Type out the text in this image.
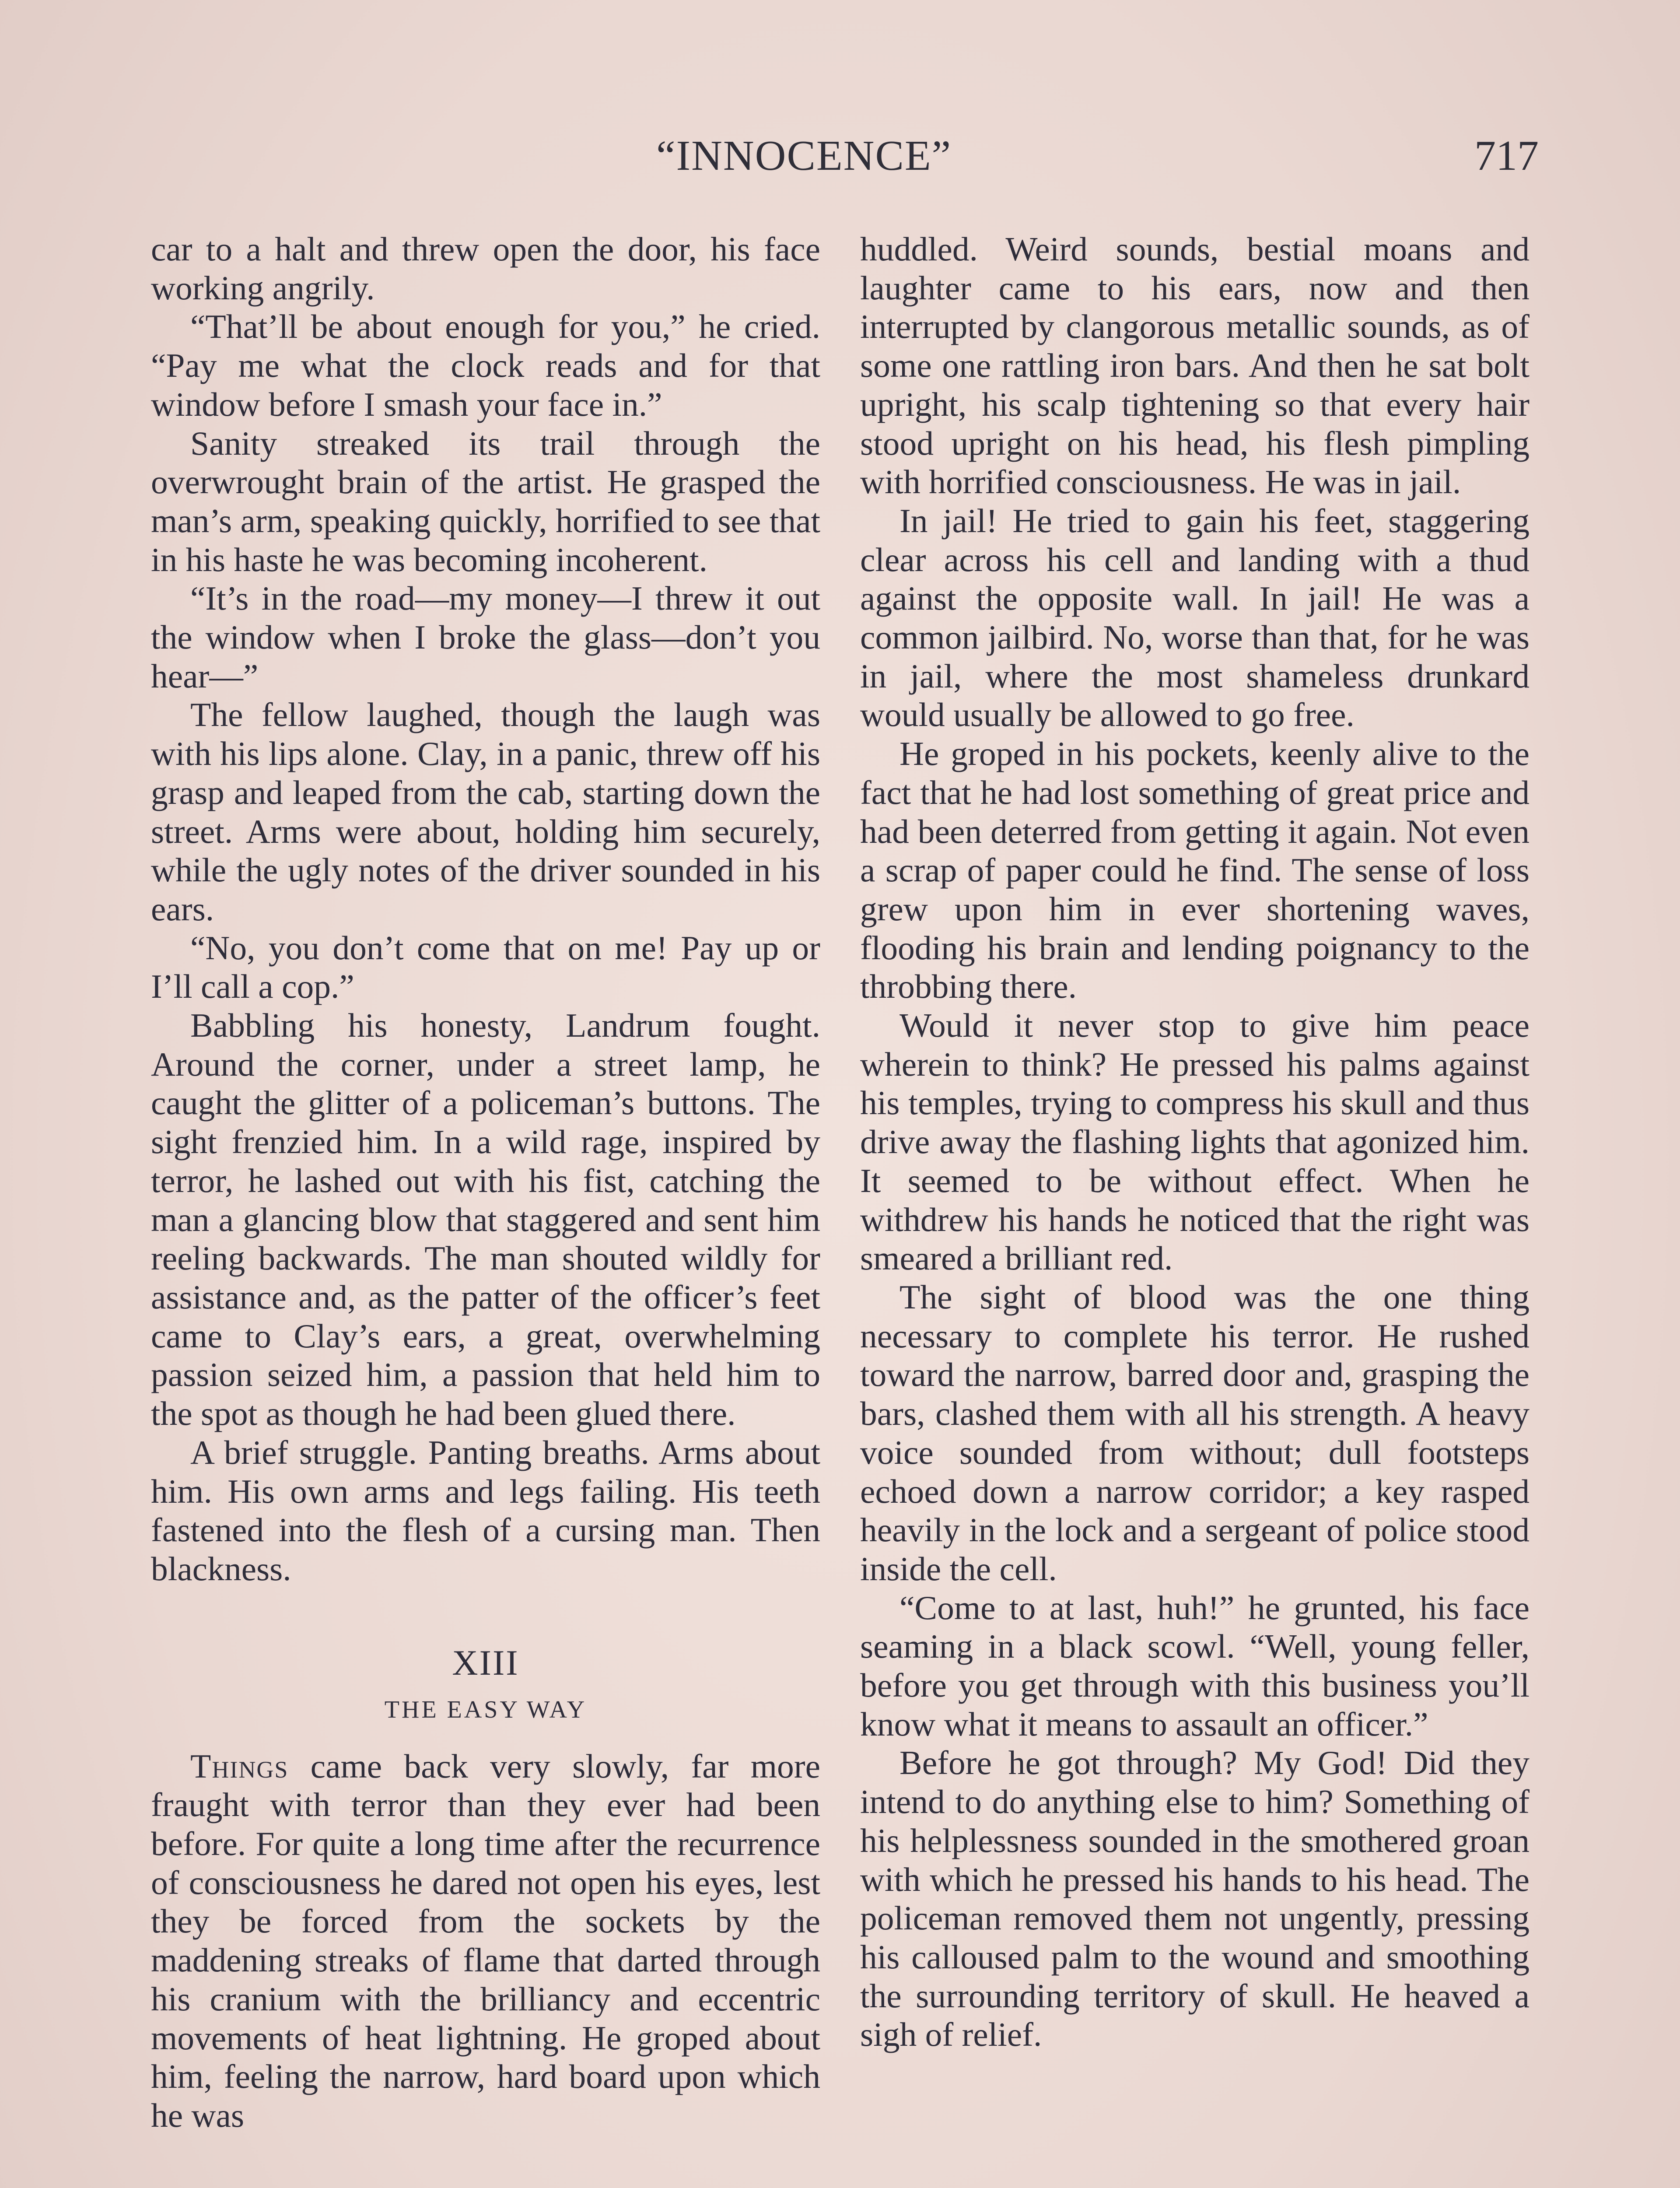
“INNOCENCE”	717

car to a halt and threw open the door, his face working angrily.

“That’ll be about enough for you,” he cried. “Pay me what the clock reads and for that window before I smash your face in.”

Sanity streaked its trail through the overwrought brain of the artist. He grasped the man’s arm, speaking quickly, horrified to see that in his haste he was becoming incoherent.

“It’s in the road—my money—I threw it out the window when I broke the glass—don’t you hear—”

The fellow laughed, though the laugh was with his lips alone. Clay, in a panic, threw off his grasp and leaped from the cab, starting down the street. Arms were about, holding him securely, while the ugly notes of the driver sounded in his ears.

“No, you don’t come that on me! Pay up or I’ll call a cop.”

Babbling his honesty, Landrum fought. Around the corner, under a street lamp, he caught the glitter of a policeman’s buttons. The sight frenzied him. In a wild rage, inspired by terror, he lashed out with his fist, catching the man a glancing blow that staggered and sent him reeling backwards. The man shouted wildly for assistance and, as the patter of the officer’s feet came to Clay’s ears, a great, overwhelming passion seized him, a passion that held him to the spot as though he had been glued there.

A brief struggle. Panting breaths. Arms about him. His own arms and legs failing. His teeth fastened into the flesh of a cursing man. Then blackness.

XIII
THE EASY WAY

Things came back very slowly, far more fraught with terror than they ever had been before. For quite a long time after the recurrence of consciousness he dared not open his eyes, lest they be forced from the sockets by the maddening streaks of flame that darted through his cranium with the brilliancy and eccentric movements of heat lightning. He groped about him, feeling the narrow, hard board upon which he was

huddled. Weird sounds, bestial moans and laughter came to his ears, now and then interrupted by clangorous metallic sounds, as of some one rattling iron bars. And then he sat bolt upright, his scalp tightening so that every hair stood upright on his head, his flesh pimpling with horrified consciousness. He was in jail.

In jail! He tried to gain his feet, staggering clear across his cell and landing with a thud against the opposite wall. In jail! He was a common jailbird. No, worse than that, for he was in jail, where the most shameless drunkard would usually be allowed to go free.

He groped in his pockets, keenly alive to the fact that he had lost something of great price and had been deterred from getting it again. Not even a scrap of paper could he find. The sense of loss grew upon him in ever shortening waves, flooding his brain and lending poignancy to the throbbing there.

Would it never stop to give him peace wherein to think? He pressed his palms against his temples, trying to compress his skull and thus drive away the flashing lights that agonized him. It seemed to be without effect. When he withdrew his hands he noticed that the right was smeared a brilliant red.

The sight of blood was the one thing necessary to complete his terror. He rushed toward the narrow, barred door and, grasping the bars, clashed them with all his strength. A heavy voice sounded from without; dull footsteps echoed down a narrow corridor; a key rasped heavily in the lock and a sergeant of police stood inside the cell.

“Come to at last, huh!” he grunted, his face seaming in a black scowl. “Well, young feller, before you get through with this business you’ll know what it means to assault an officer.”

Before he got through? My God! Did they intend to do anything else to him? Something of his helplessness sounded in the smothered groan with which he pressed his hands to his head. The policeman removed them not ungently, pressing his calloused palm to the wound and smoothing the surrounding territory of skull. He heaved a sigh of relief.
